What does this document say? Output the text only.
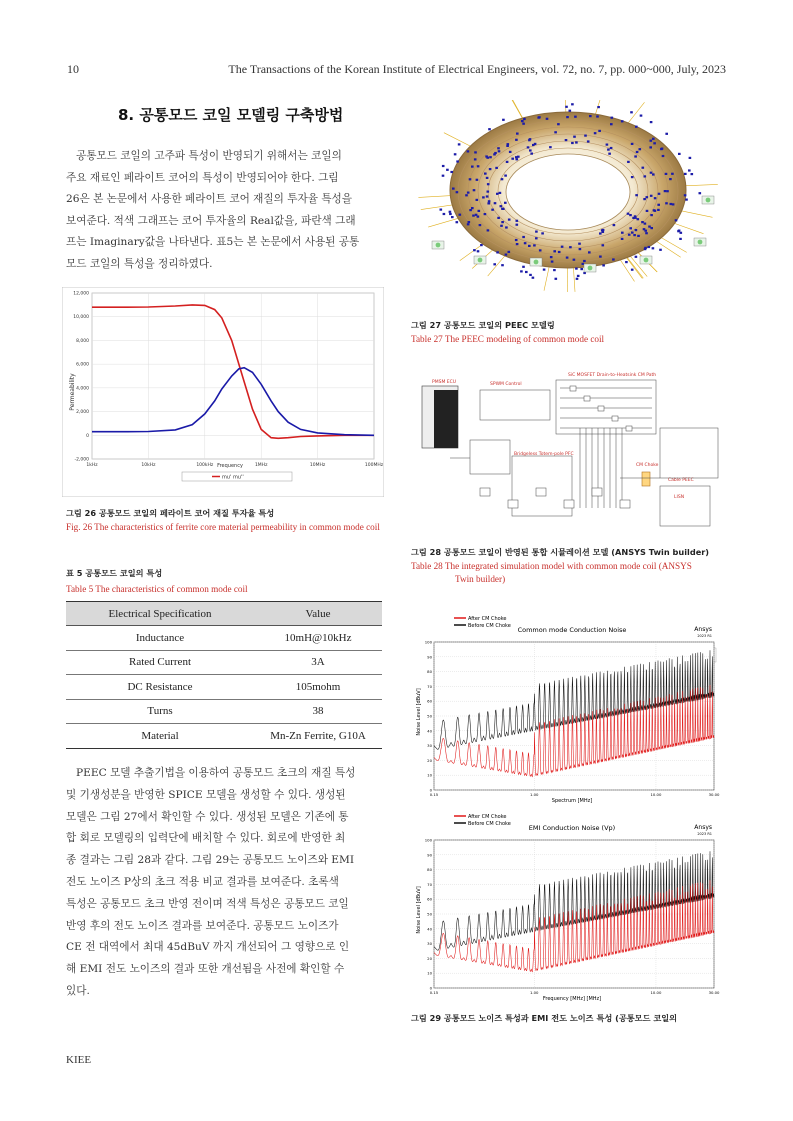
10	The Transactions of the Korean Institute of Electrical Engineers, vol. 72, no. 7, pp. 000~000, July, 2023
8. 공통모드 코일 모델링 구축방법
공통모드 코일의 고주파 특성이 반영되기 위해서는 코일의
주요 재료인 페라이트 코어의 특성이 반영되어야 한다. 그림
26은 본 논문에서 사용한 페라이트 코어 재질의 투자율 특성을
보여준다. 적색 그래프는 코어 투자율의 Real값을, 파란색 그래
프는 Imaginary값을 나타낸다. 표5는 본 논문에서 사용된 공통
모드 코일의 특성을 정리하였다.
1kHz	10kHz	100kHz	1MHz	10MHz	100MHz
-2,000
0
2,000
4,000
6,000
8,000
10,000
12,000
Permeability
Frequency
mu' mu''
그림 26 공통모드 코일의 페라이트 코어 재질 투자율 특성
Fig. 26 The characteristics of ferrite core material permeability in common mode coil
표 5 공통모드 코일의 특성
Table 5 The characteristics of common mode coil
Electrical Specification	Value
Inductance	10mH@10kHz
Rated Current	3A
DC Resistance	105mohm
Turns	38
Material	Mn-Zn Ferrite, G10A
PEEC 모델 추출기법을 이용하여 공통모드 초크의 재질 특성
및 기생성분을 반영한 SPICE 모델을 생성할 수 있다. 생성된
모델은 그림 27에서 확인할 수 있다. 생성된 모델은 기존에 통
합 회로 모델링의 입력단에 배치할 수 있다. 회로에 반영한 최
종 결과는 그림 28과 같다. 그림 29는 공통모드 노이즈와 EMI
전도 노이즈 P상의 초크 적용 비교 결과를 보여준다. 초록색
특성은 공통모드 초크 반영 전이며 적색 특성은 공통모드 코일
반영 후의 전도 노이즈 결과를 보여준다. 공통모드 노이즈가
CE 전 대역에서 최대 45dBuV 까지 개선되어 그 영향으로 인
해 EMI 전도 노이즈의 결과 또한 개선됨을 사전에 확인할 수
있다.
그림 27 공통모드 코일의 PEEC 모델링
Table 27 The PEEC modeling of common mode coil
PMSM ECU	SPWM Control
SiC MOSFET Drain-to-Heatsink CM Path
Bridgeless Totem-pole PFC
CM Choke
Cable PEEC
LISN
그림 28 공통모드 코일이 반영된 통합 시뮬레이션 모델 (ANSYS Twin builder)
Table 28 The integrated simulation model with common mode coil (ANSYS
Twin builder)
After CM Choke
Before CM Choke Common mode Conduction Noise	Ansys
2023 R1
Spectrum [MHz]
Noise Level [dBuV]
0
10
20
30
40
50
60
70
80
90
100
0.15	1.00	10.00	30.00
After CM Choke
Before CM Choke	EMI Conduction Noise (Vp)	Ansys
2023 R1
Frequency [MHz] [MHz]
Noise Level [dBuV]
0
10
20
30
40
50
60
70
80
90
100
0.15	1.00	10.00	30.00
그림 29 공통모드 노이즈 특성과 EMI 전도 노이즈 특성 (공통모드 코일의
KIEE
